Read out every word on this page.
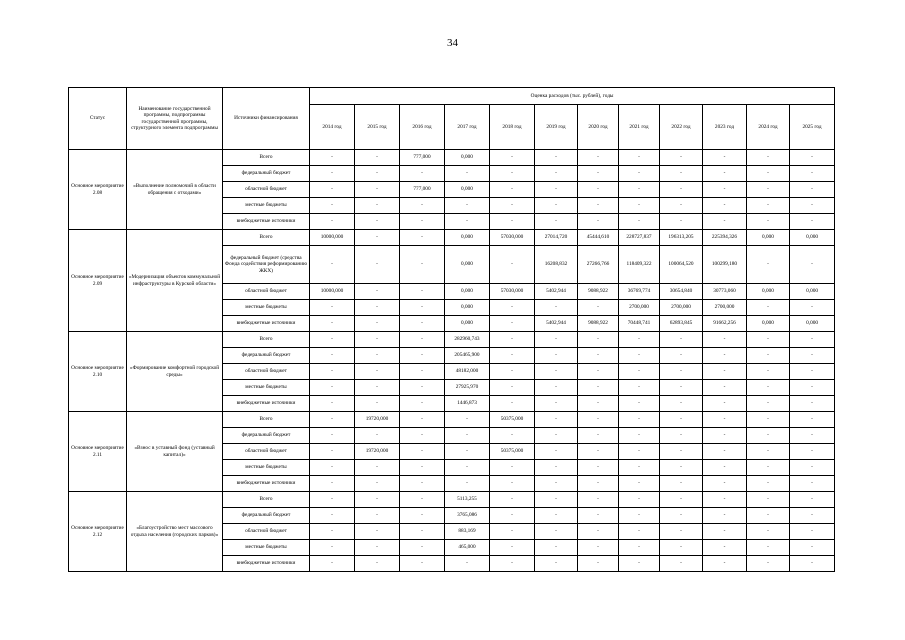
34
Статус	Наименование государственной программы, подпрограммы государственной программы, структурного элемента подпрограммы	Источники финансирования	Оценка расходов (тыс. рублей), годы											
			2014 год	2015 год	2016 год	2017 год	2018 год	2019 год	2020 год	2021 год	2022 год	2023 год	2024 год	2025 год
Основное мероприятие 2.08	«Выполнение полномочий в области обращения с отходами»	Всего	-	-	777,000	0,000	-	-	-	-	-	-	-	-
		федеральный бюджет	-	-	-	-	-	-	-	-	-	-	-	-
		областной бюджет	-	-	777,000	0,000	-	-	-	-	-	-	-	-
		местные бюджеты	-	-	-	-	-	-	-	-	-	-	-	-
		внебюджетные источники	-	-	-	-	-	-	-	-	-	-	-	-
Основное мероприятие 2.09	«Модернизация объектов коммунальной инфраструктуры в Курской области»	Всего	10000,000	-	-	0,000	57030,000	27014,720	45444,610	228727,837	196313,205	225394,326	0,000	0,000
		федеральный бюджет (средства Фонда содействия реформированию ЖКХ)	-	-	-	0,000	-	16208,832	27266,766	118409,322	100064,520	100299,180	-	-
		областной бюджет	10000,000	-	-	0,000	57030,000	5402,944	9088,922	36769,774	30654,840	30773,060	0,000	0,000
		местные бюджеты	-	-	-	0,000	-	-	-	2700,000	2700,000	2700,000	-	-
		внебюджетные источники	-	-	-	0,000	-	5402,944	9088,922	70448,741	62893,845	91662,256	0,000	0,000
Основное мероприятие 2.10	«Формирование комфортной городской среды»	Всего	-	-	-	282960,743	-	-	-	-	-	-	-	-
		федеральный бюджет	-	-	-	205465,900	-	-	-	-	-	-	-	-
		областной бюджет	-	-	-	48182,000	-	-	-	-	-	-	-	-
		местные бюджеты	-	-	-	27925,970	-	-	-	-	-	-	-	-
		внебюджетные источники	-	-	-	1446,873	-	-	-	-	-	-	-	-
Основное мероприятие 2.11	«Взнос в уставный фонд (уставный капитал)»	Всего	-	19720,000	-	-	50375,000	-	-	-	-	-	-	-
		федеральный бюджет	-	-	-	-	-	-	-	-	-	-	-	-
		областной бюджет	-	19720,000	-	-	50375,000	-	-	-	-	-	-	-
		местные бюджеты	-	-	-	-	-	-	-	-	-	-	-	-
		внебюджетные источники	-	-	-	-	-	-	-	-	-	-	-	-
Основное мероприятие 2.12	«Благоустройство мест массового отдыха населения (городских парков)»	Всего	-	-	-	5113,255	-	-	-	-	-	-	-	-
		федеральный бюджет	-	-	-	3765,086	-	-	-	-	-	-	-	-
		областной бюджет	-	-	-	883,169	-	-	-	-	-	-	-	-
		местные бюджеты	-	-	-	465,000	-	-	-	-	-	-	-	-
		внебюджетные источники	-	-	-	-	-	-	-	-	-	-	-	-
